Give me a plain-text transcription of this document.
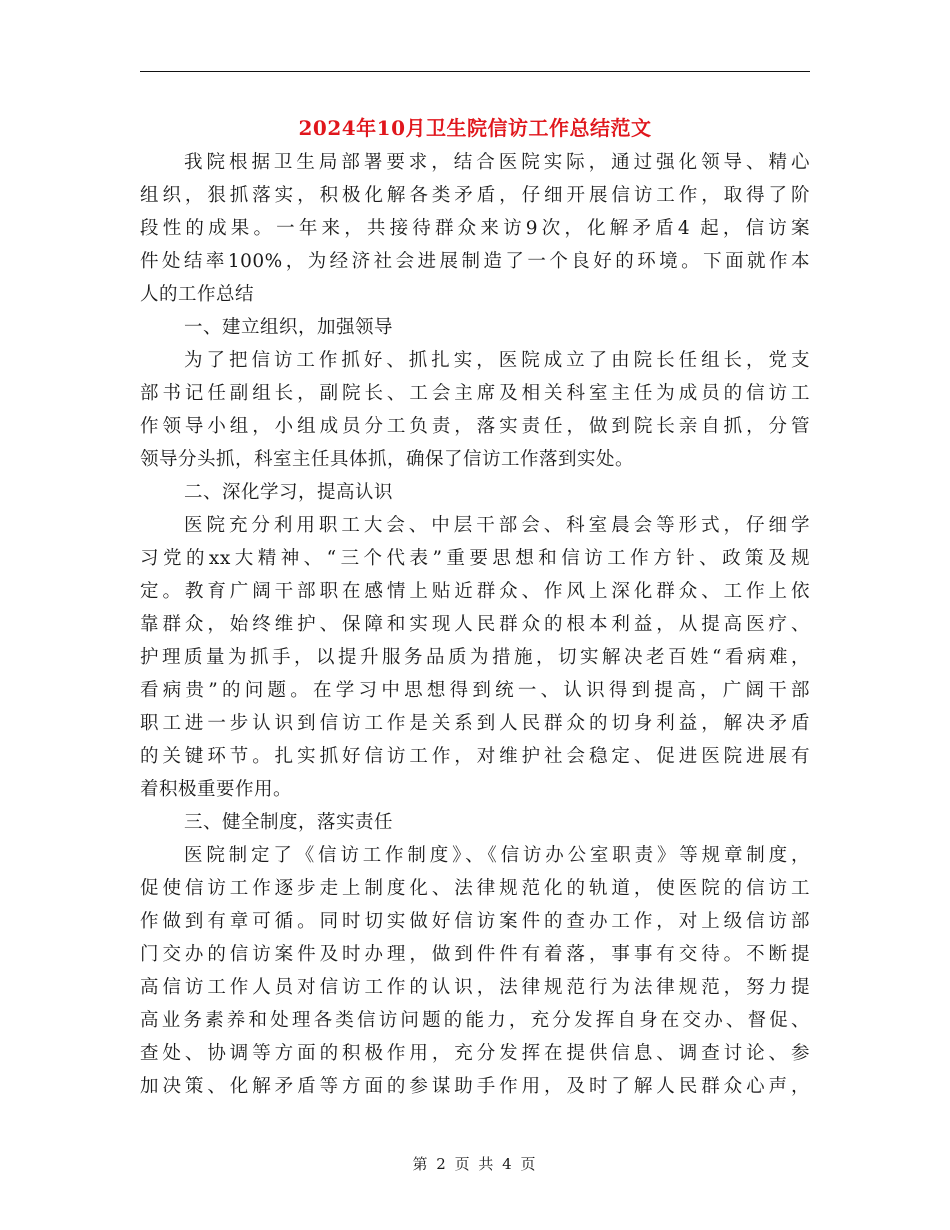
2024年10月卫生院信访工作总结范文
我院根据卫生局部署要求，结合医院实际，通过强化领导、精心
组织，狠抓落实，积极化解各类矛盾，仔细开展信访工作，取得了阶
段性的成果。一年来，共接待群众来访9次，化解矛盾4 起，信访案
件处结率100%，为经济社会进展制造了一个良好的环境。下面就作本
人的工作总结
一、建立组织，加强领导
为了把信访工作抓好、抓扎实，医院成立了由院长任组长，党支
部书记任副组长，副院长、工会主席及相关科室主任为成员的信访工
作领导小组，小组成员分工负责，落实责任，做到院长亲自抓，分管
领导分头抓，科室主任具体抓，确保了信访工作落到实处。
二、深化学习，提高认识
医院充分利用职工大会、中层干部会、科室晨会等形式，仔细学
习党的xx大精神、“三个代表”重要思想和信访工作方针、政策及规
定。教育广阔干部职在感情上贴近群众、作风上深化群众、工作上依
靠群众，始终维护、保障和实现人民群众的根本利益，从提高医疗、
护理质量为抓手，以提升服务品质为措施，切实解决老百姓“看病难，
看病贵”的问题。在学习中思想得到统一、认识得到提高，广阔干部
职工进一步认识到信访工作是关系到人民群众的切身利益，解决矛盾
的关键环节。扎实抓好信访工作，对维护社会稳定、促进医院进展有
着积极重要作用。
三、健全制度，落实责任
医院制定了《信访工作制度》、《信访办公室职责》等规章制度，
促使信访工作逐步走上制度化、法律规范化的轨道，使医院的信访工
作做到有章可循。同时切实做好信访案件的查办工作，对上级信访部
门交办的信访案件及时办理，做到件件有着落，事事有交待。不断提
高信访工作人员对信访工作的认识，法律规范行为法律规范，努力提
高业务素养和处理各类信访问题的能力，充分发挥自身在交办、督促、
查处、协调等方面的积极作用，充分发挥在提供信息、调查讨论、参
加决策、化解矛盾等方面的参谋助手作用，及时了解人民群众心声，
第 2 页 共 4 页
